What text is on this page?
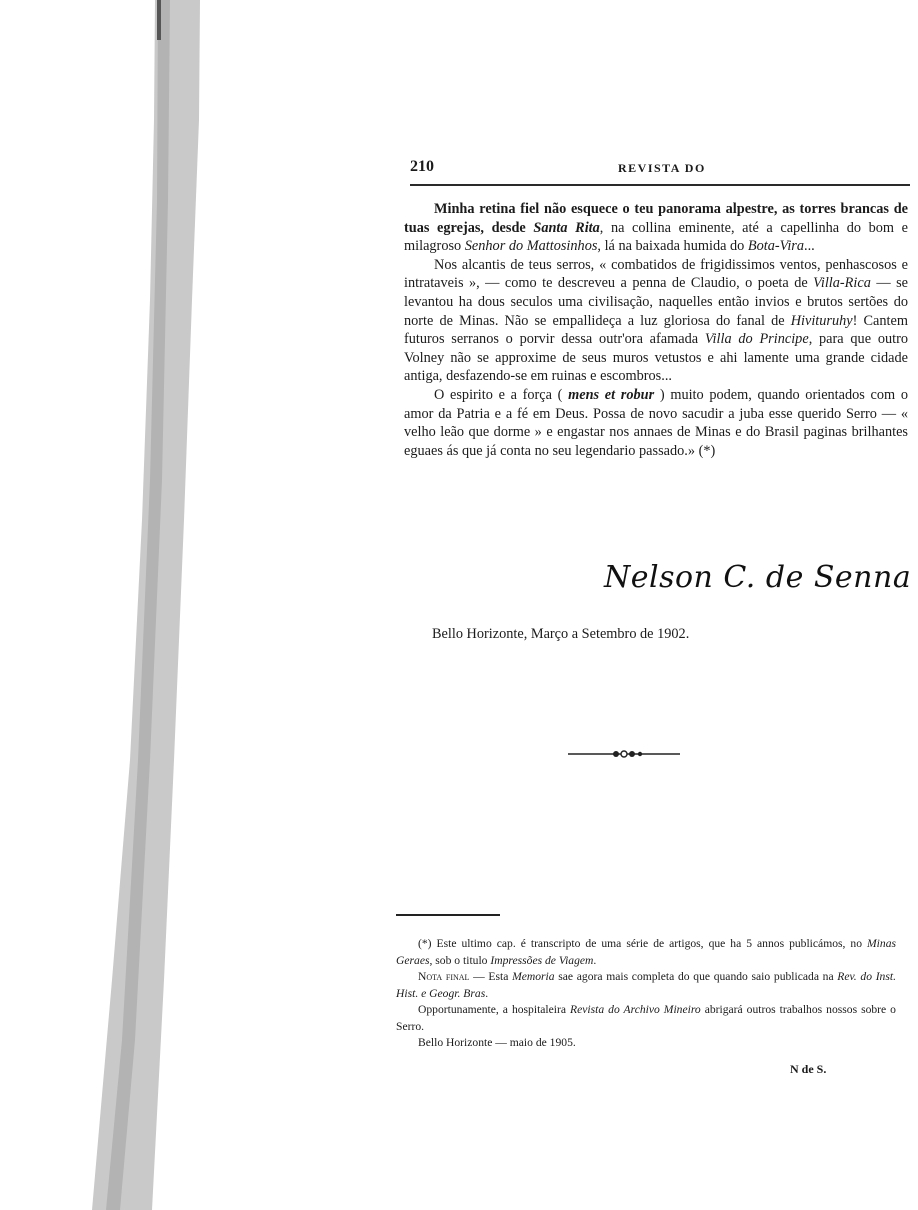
210	REVISTA DO

Minha retina fiel não esquece o teu panorama alpestre, as torres brancas de tuas egrejas, desde Santa Rita, na collina eminente, até a capellinha do bom e milagroso Senhor do Mattosinhos, lá na baixada humida do Bota-Vira...

Nos alcantis de teus serros, « combatidos de frigidissimos ventos, penhascosos e intrataveis », — como te descreveu a penna de Claudio, o poeta de Villa-Rica — se levantou ha dous seculos uma civilisação, naquelles então invios e brutos sertões do norte de Minas. Não se empallideça a luz gloriosa do fanal de Hivituruhy! Cantem futuros serranos o porvir dessa outr'ora afamada Villa do Principe, para que outro Volney não se approxime de seus muros vetustos e ahi lamente uma grande cidade antiga, desfazendo-se em ruinas e escombros...

O espirito e a força ( mens et robur ) muito podem, quando orientados com o amor da Patria e a fé em Deus. Possa de novo sacudir a juba esse querido Serro — « velho leão que dorme » e engastar nos annaes de Minas e do Brasil paginas brilhantes eguaes ás que já conta no seu legendario passado.» (*)

Nelson C. de Senna
Bello Horizonte, Março a Setembro de 1902.

(*) Este ultimo cap. é transcripto de uma série de artigos, que ha 5 annos publicámos, no Minas Geraes, sob o titulo Impressões de Viagem.

Nota final — Esta Memoria sae agora mais completa do que quando saio publicada na Rev. do Inst. Hist. e Geogr. Bras.

Opportunamente, a hospitaleira Revista do Archivo Mineiro abrigará outros trabalhos nossos sobre o Serro.

Bello Horizonte — maio de 1905.

N de S.
